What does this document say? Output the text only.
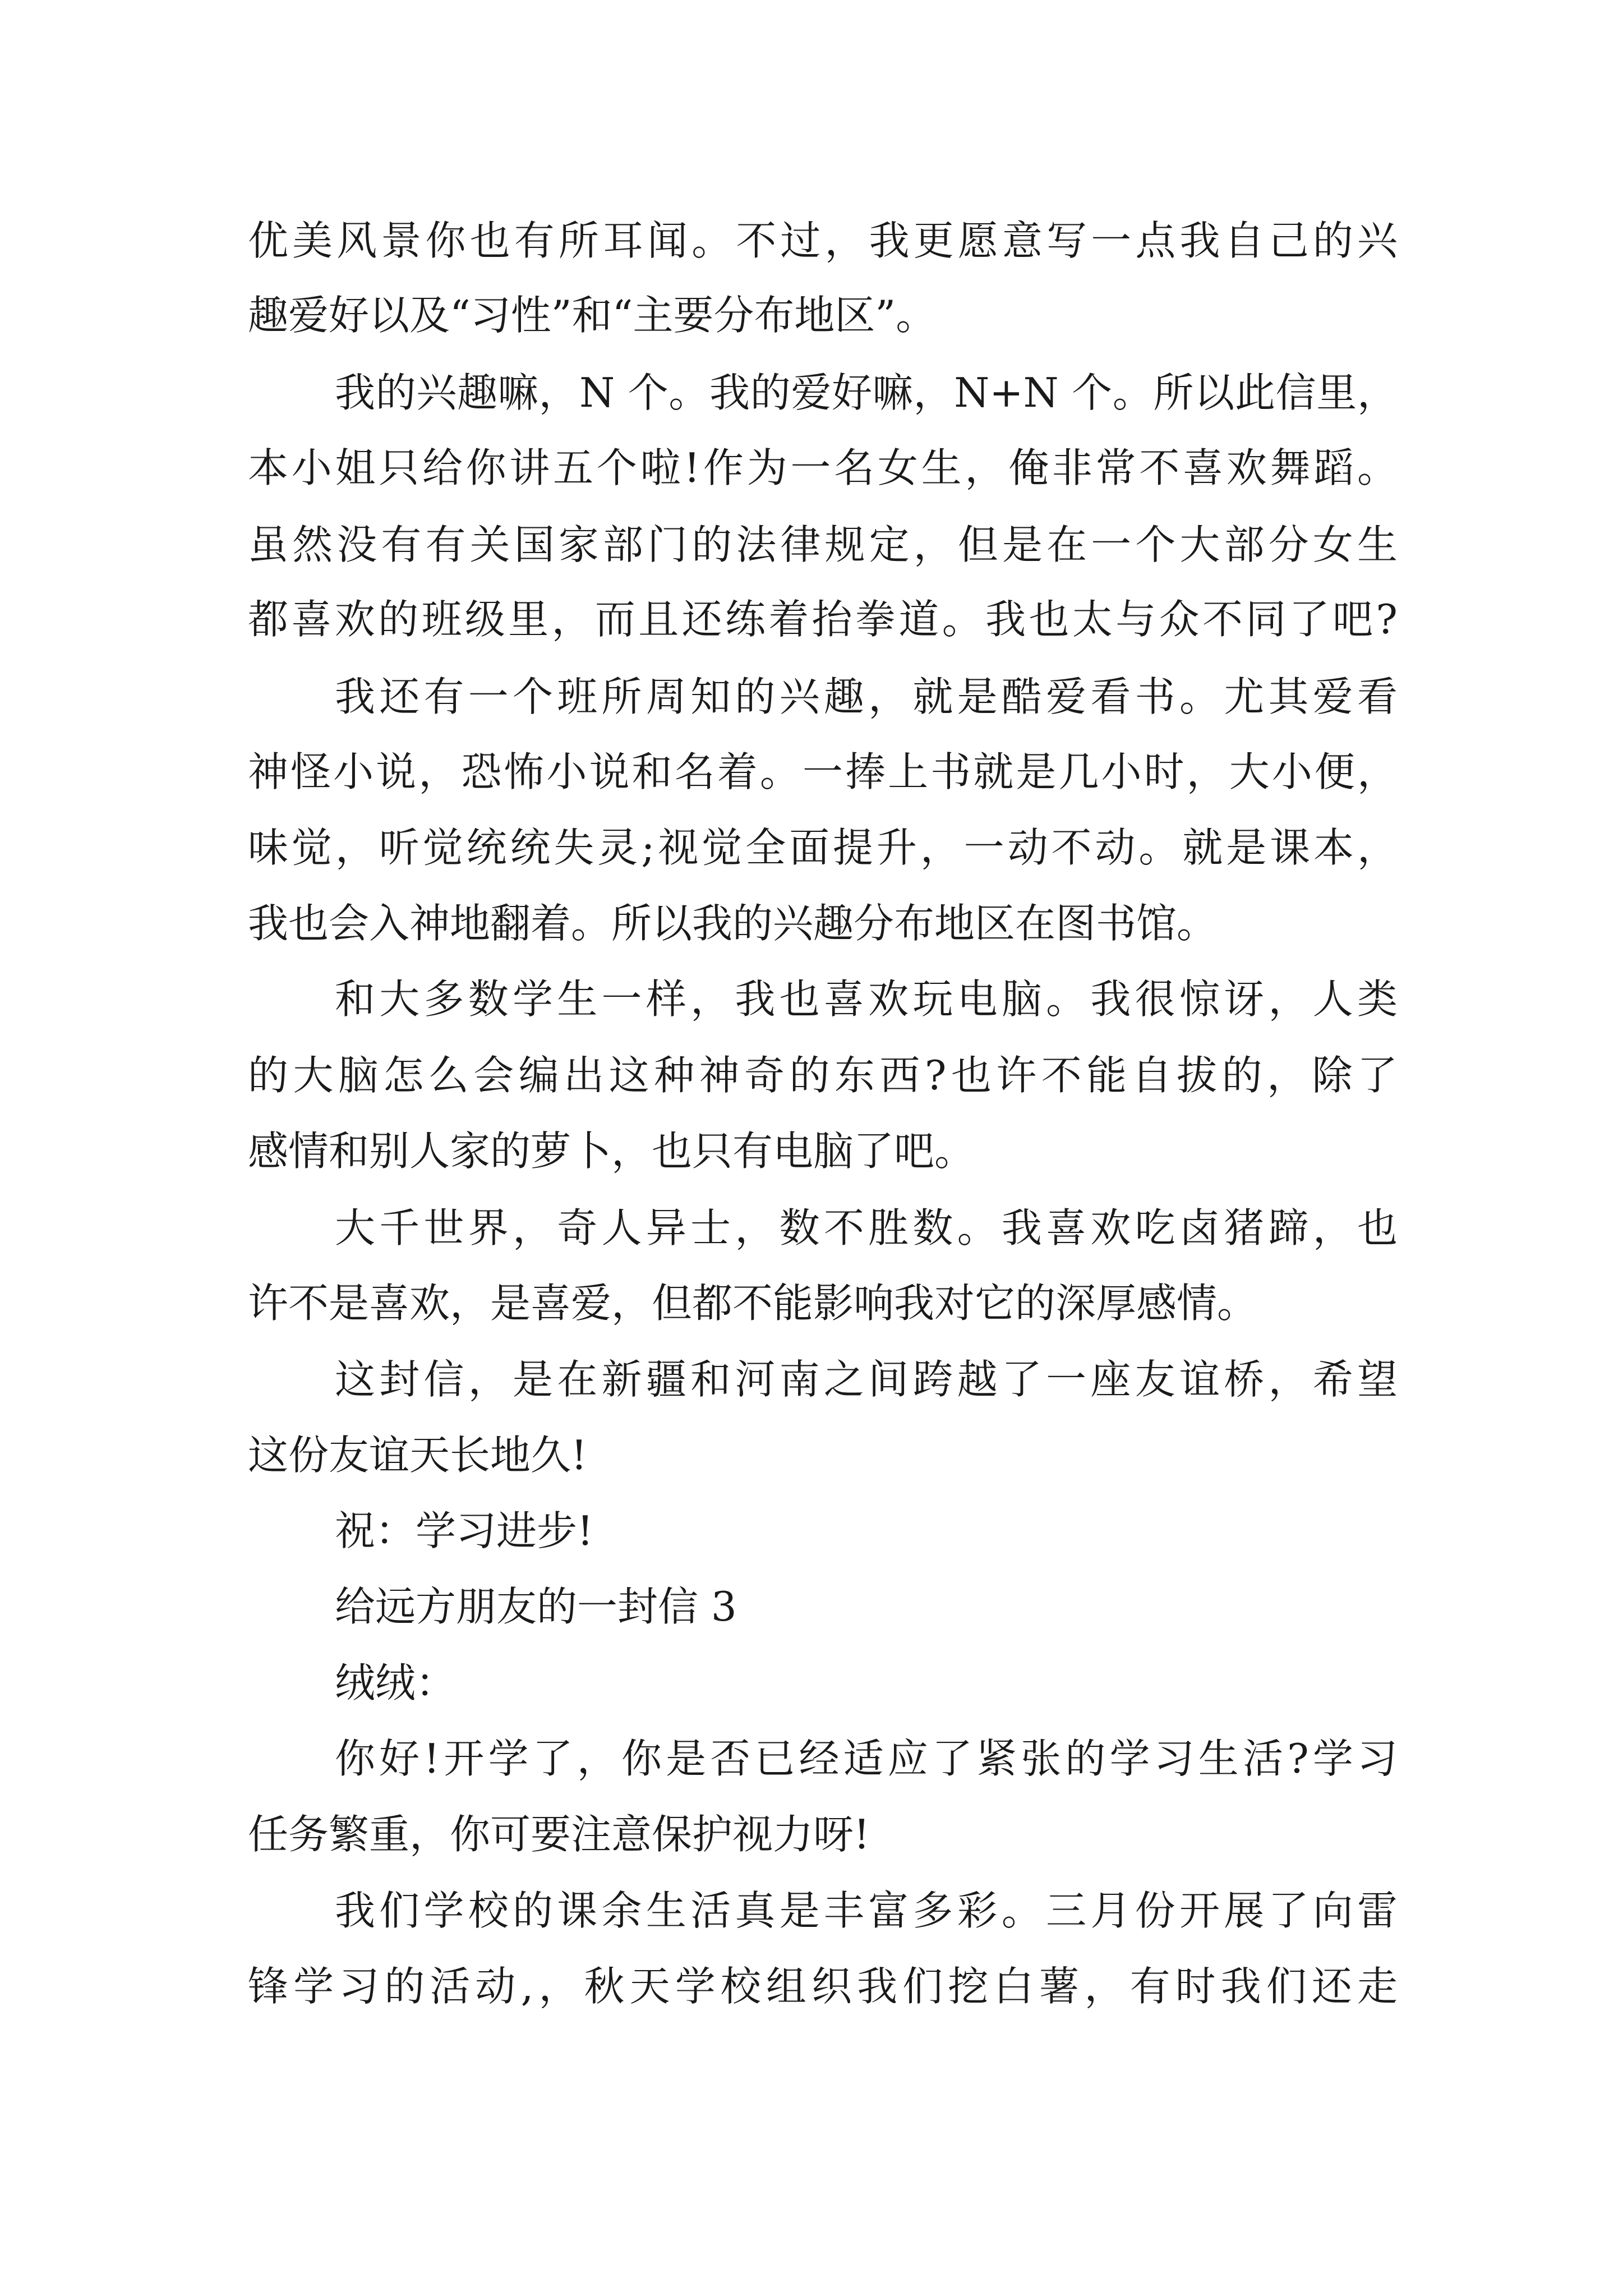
优美风景你也有所耳闻。不过，我更愿意写一点我自己的兴
趣爱好以及“习性”和“主要分布地区”。
我的兴趣嘛，N 个。我的爱好嘛，N+N 个。所以此信里，
本小姐只给你讲五个啦!作为一名女生，俺非常不喜欢舞蹈。
虽然没有有关国家部门的法律规定，但是在一个大部分女生
都喜欢的班级里，而且还练着抬拳道。我也太与众不同了吧?
我还有一个班所周知的兴趣，就是酷爱看书。尤其爱看
神怪小说，恐怖小说和名着。一捧上书就是几小时，大小便，
味觉，听觉统统失灵;视觉全面提升，一动不动。就是课本，
我也会入神地翻着。所以我的兴趣分布地区在图书馆。
和大多数学生一样，我也喜欢玩电脑。我很惊讶，人类
的大脑怎么会编出这种神奇的东西?也许不能自拔的，除了
感情和别人家的萝卜，也只有电脑了吧。
大千世界，奇人异士，数不胜数。我喜欢吃卤猪蹄，也
许不是喜欢，是喜爱，但都不能影响我对它的深厚感情。
这封信，是在新疆和河南之间跨越了一座友谊桥，希望
这份友谊天长地久!
祝：学习进步!
给远方朋友的一封信 3
绒绒：
你好!开学了，你是否已经适应了紧张的学习生活?学习
任务繁重，你可要注意保护视力呀!
我们学校的课余生活真是丰富多彩。三月份开展了向雷
锋学习的活动,，秋天学校组织我们挖白薯，有时我们还走
